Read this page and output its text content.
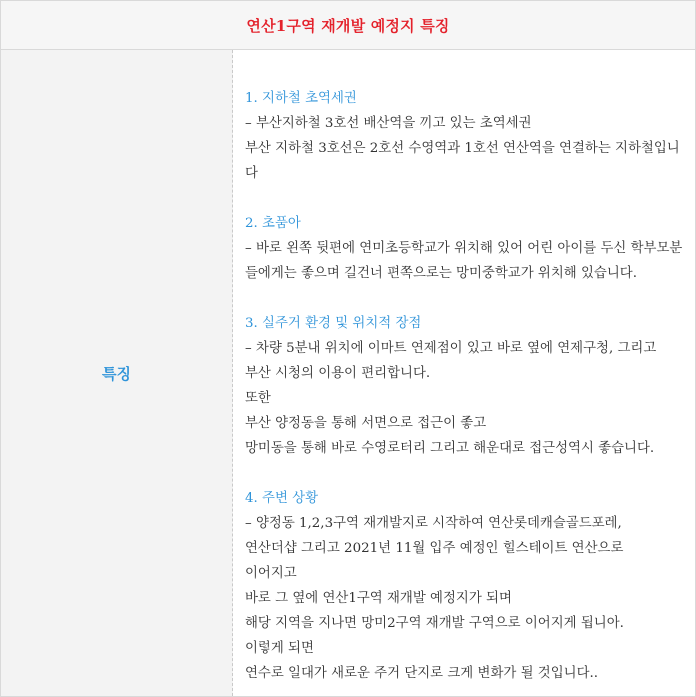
연산1구역 재개발 예정지 특징
특징
1. 지하철 초역세권
– 부산지하철 3호선 배산역을 끼고 있는 초역세권
부산 지하철 3호선은 2호선 수영역과 1호선 연산역을 연결하는 지하철입니다
2. 초품아
– 바로 왼쪽 뒷편에 연미초등학교가 위치해 있어 어린 아이를 두신 학부모분들에게는 좋으며 길건너 편쪽으로는 망미중학교가 위치해 있습니다.
3. 실주거 환경 및 위치적 장점
– 차량 5분내 위치에 이마트 연제점이 있고 바로 옆에 연제구청, 그리고
부산 시청의 이용이 편리합니다.
또한
부산 양정동을 통해 서면으로 접근이 좋고
망미동을 통해 바로 수영로터리 그리고 해운대로 접근성역시 좋습니다.
4. 주변 상황
– 양정동 1,2,3구역 재개발지로 시작하여 연산롯데캐슬골드포레,
연산더샵 그리고 2021년 11월 입주 예정인 힐스테이트 연산으로
이어지고
바로 그 옆에 연산1구역 재개발 예정지가 되며
해당 지역을 지나면 망미2구역 재개발 구역으로 이어지게 됩니아.
이렇게 되면
연수로 일대가 새로운 주거 단지로 크게 변화가 될 것입니다..
